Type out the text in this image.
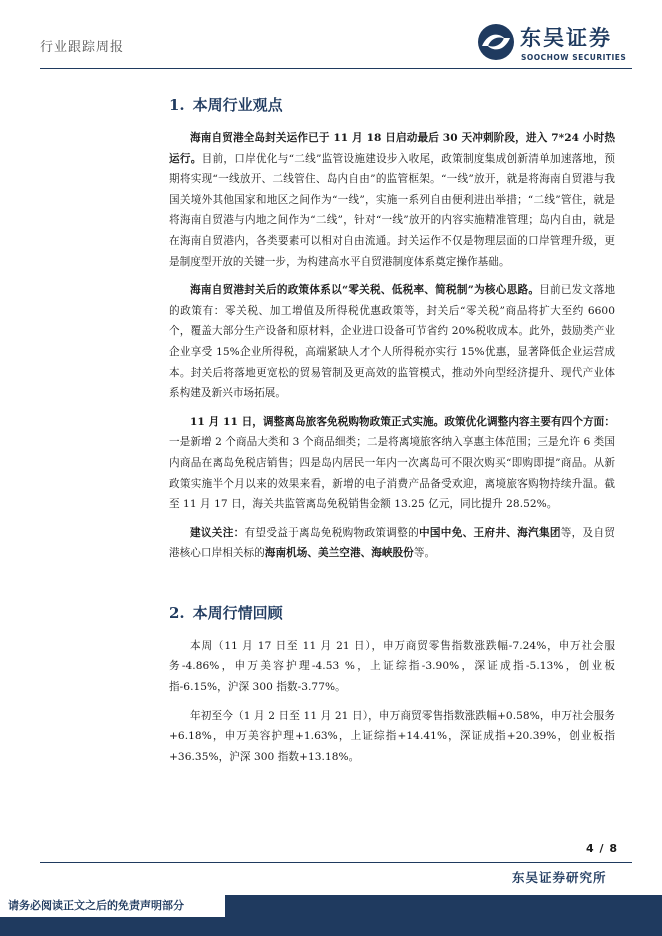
行业跟踪周报	东吴证券
SOOCHOW SECURITIES
1. 本周行业观点

海南自贸港全岛封关运作已于 11 月 18 日启动最后 30 天冲刺阶段，进入 7*24 小时热运行。目前，口岸优化与“二线”监管设施建设步入收尾，政策制度集成创新清单加速落地，预期将实现“一线放开、二线管住、岛内自由”的监管框架。“一线”放开，就是将海南自贸港与我国关境外其他国家和地区之间作为“一线”，实施一系列自由便利进出举措；“二线”管住，就是将海南自贸港与内地之间作为“二线”，针对“一线”放开的内容实施精准管理；岛内自由，就是在海南自贸港内，各类要素可以相对自由流通。封关运作不仅是物理层面的口岸管理升级，更是制度型开放的关键一步，为构建高水平自贸港制度体系奠定操作基础。

海南自贸港封关后的政策体系以“零关税、低税率、简税制”为核心思路。目前已发文落地的政策有：零关税、加工增值及所得税优惠政策等，封关后“零关税”商品将扩大至约 6600 个，覆盖大部分生产设备和原材料，企业进口设备可节省约 20%税收成本。此外，鼓励类产业企业享受 15%企业所得税，高端紧缺人才个人所得税亦实行 15%优惠，显著降低企业运营成本。封关后将落地更宽松的贸易管制及更高效的监管模式，推动外向型经济提升、现代产业体系构建及新兴市场拓展。

11 月 11 日，调整离岛旅客免税购物政策正式实施。政策优化调整内容主要有四个方面：一是新增 2 个商品大类和 3 个商品细类；二是将离境旅客纳入享惠主体范围；三是允许 6 类国内商品在离岛免税店销售；四是岛内居民一年内一次离岛可不限次购买“即购即提”商品。从新政策实施半个月以来的效果来看，新增的电子消费产品备受欢迎，离境旅客购物持续升温。截至 11 月 17 日，海关共监管离岛免税销售金额 13.25 亿元，同比提升 28.52%。

建议关注：有望受益于离岛免税购物政策调整的中国中免、王府井、海汽集团等，及自贸港核心口岸相关标的海南机场、美兰空港、海峡股份等。

2. 本周行情回顾

本周（11 月 17 日至 11 月 21 日），申万商贸零售指数涨跌幅-7.24%，申万社会服务-4.86%，申万美容护理-4.53 %，上证综指-3.90%，深证成指-5.13%，创业板指-6.15%，沪深 300 指数-3.77%。

年初至今（1 月 2 日至 11 月 21 日），申万商贸零售指数涨跌幅+0.58%，申万社会服务+6.18%，申万美容护理+1.63%，上证综指+14.41%，深证成指+20.39%，创业板指+36.35%，沪深 300 指数+13.18%。

4 / 8
东吴证券研究所
请务必阅读正文之后的免责声明部分
